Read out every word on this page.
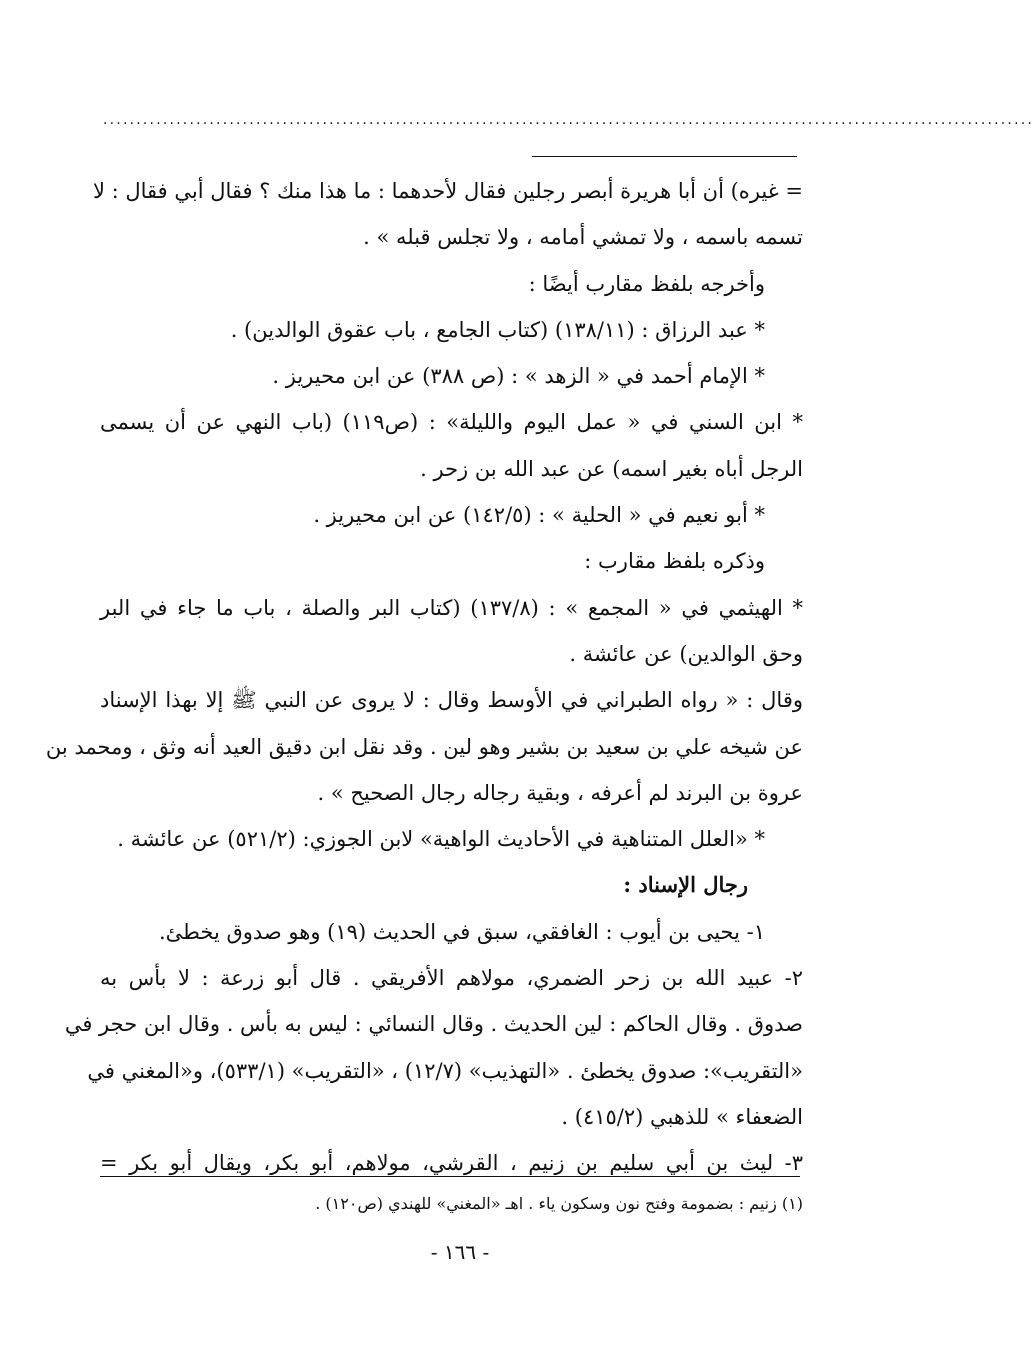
............................................................................................................................................
= غيره) أن أبا هريرة أبصر رجلين فقال لأحدهما : ما هذا منك ؟ فقال أبي فقال : لا
تسمه باسمه ، ولا تمشي أمامه ، ولا تجلس قبله » .
وأخرجه بلفظ مقارب أيضًا :
* عبد الرزاق : (١٣٨/١١) (كتاب الجامع ، باب عقوق الوالدين) .
* الإمام أحمد في « الزهد » : (ص ٣٨٨) عن ابن محيريز .
* ابن السني في « عمل اليوم والليلة» : (ص١١٩) (باب النهي عن أن يسمى
الرجل أباه بغير اسمه) عن عبد الله بن زحر .
* أبو نعيم في « الحلية » : (١٤٢/٥) عن ابن محيريز .
وذكره بلفظ مقارب :
* الهيثمي في « المجمع » : (١٣٧/٨) (كتاب البر والصلة ، باب ما جاء في البر
وحق الوالدين) عن عائشة .
وقال : « رواه الطبراني في الأوسط وقال : لا يروى عن النبي ﷺ إلا بهذا الإسناد
عن شيخه علي بن سعيد بن بشير وهو لين . وقد نقل ابن دقيق العيد أنه وثق ، ومحمد بن
عروة بن البرند لم أعرفه ، وبقية رجاله رجال الصحيح » .
* «العلل المتناهية في الأحاديث الواهية» لابن الجوزي: (٥٢١/٢) عن عائشة .
رجال الإسناد :
١- يحيى بن أيوب : الغافقي، سبق في الحديث (١٩) وهو صدوق يخطئ.
٢- عبيد الله بن زحر الضمري، مولاهم الأفريقي . قال أبو زرعة : لا بأس به
صدوق . وقال الحاكم : لين الحديث . وقال النسائي : ليس به بأس . وقال ابن حجر في
«التقريب»: صدوق يخطئ . «التهذيب» (١٢/٧) ، «التقريب» (٥٣٣/١)، و«المغني في
الضعفاء » للذهبي (٤١٥/٢) .
٣- ليث بن أبي سليم بن زنيم ، القرشي، مولاهم، أبو بكر، ويقال أبو بكر =
(١) زنيم : بضمومة وفتح نون وسكون ياء . اهـ «المغني» للهندي (ص١٢٠) .
- ١٦٦ -
